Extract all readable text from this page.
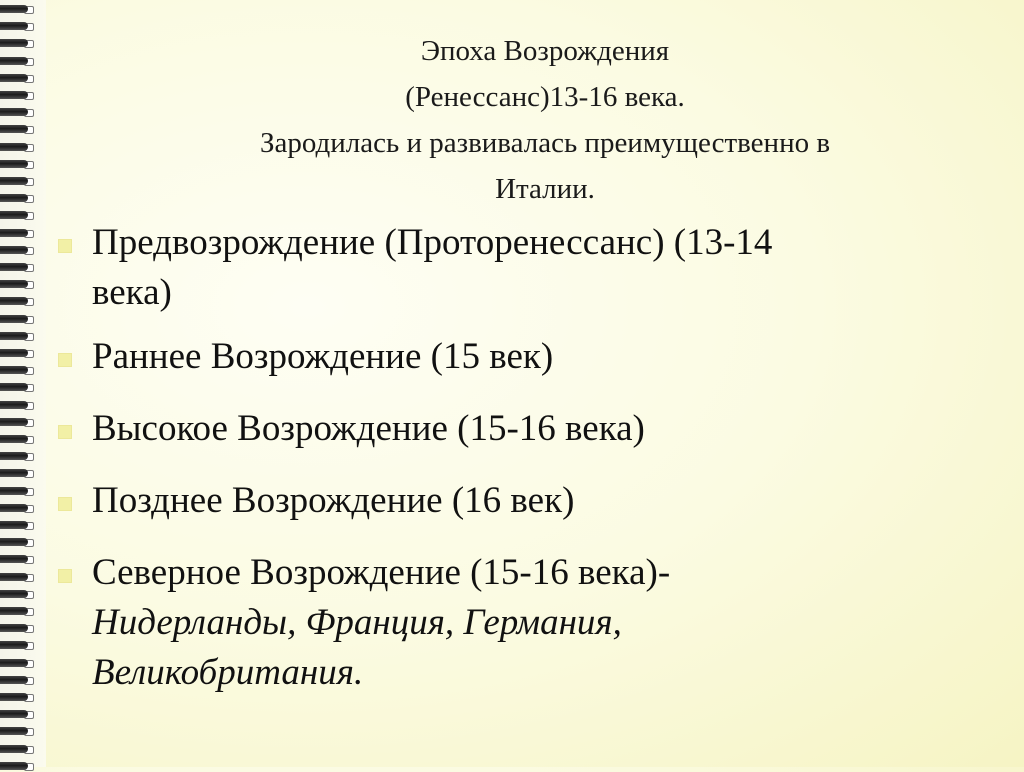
Эпоха Возрождения
(Ренессанс)13-16 века.
Зародилась и развивалась преимущественно в
Италии.
Предвозрождение (Проторенессанс) (13-14
века)
Раннее Возрождение (15 век)
Высокое Возрождение (15-16 века)
Позднее Возрождение (16 век)
Северное Возрождение (15-16 века)-
Нидерланды, Франция, Германия,
Великобритания.
